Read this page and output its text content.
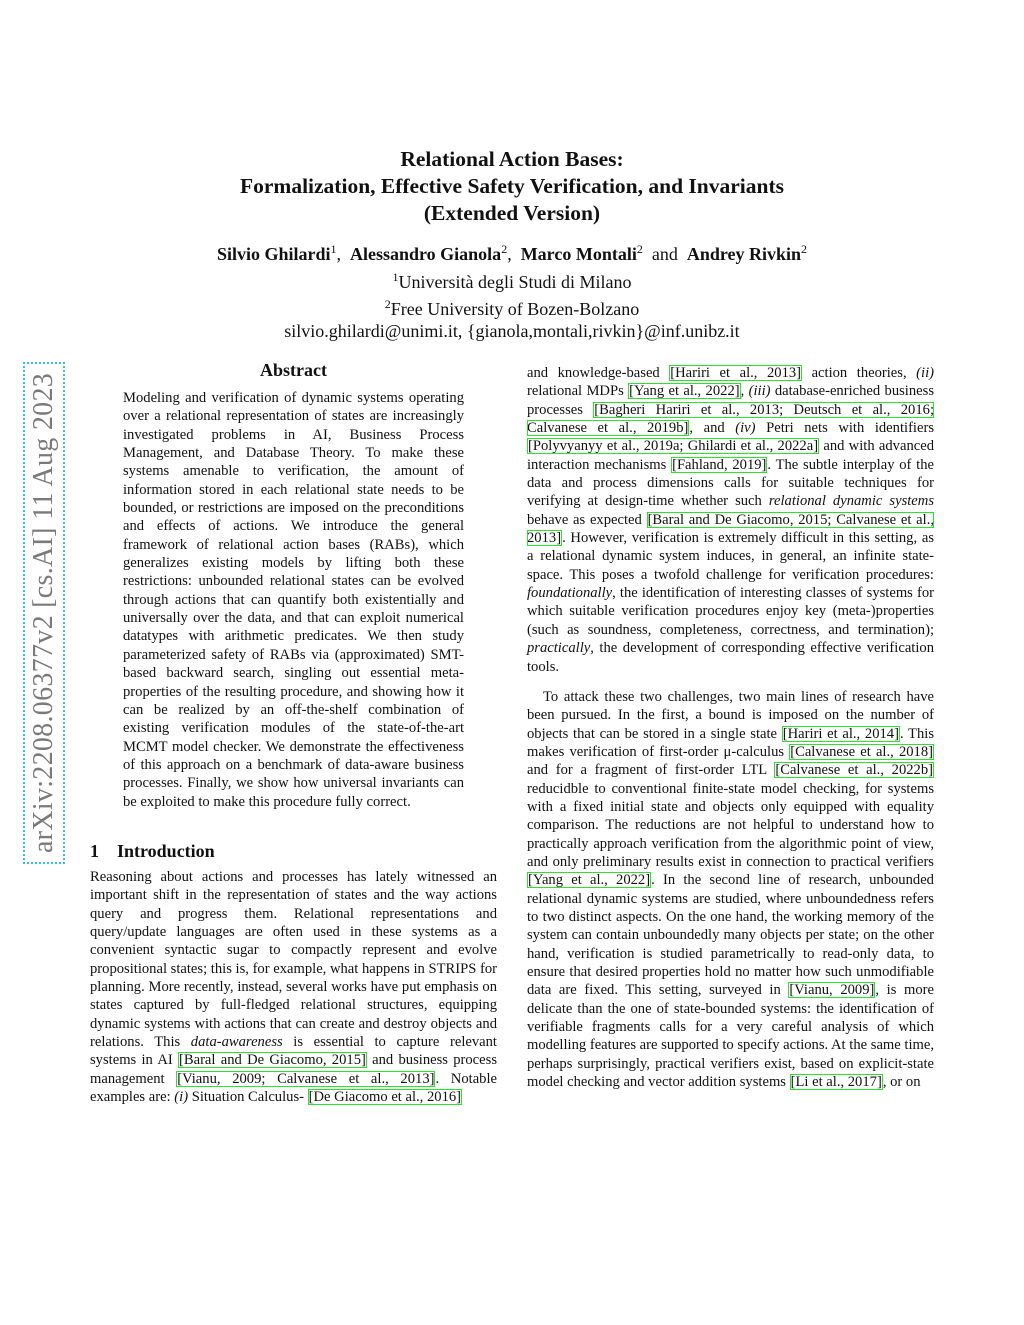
arXiv:2208.06377v2 [cs.AI] 11 Aug 2023
Relational Action Bases:
Formalization, Effective Safety Verification, and Invariants
(Extended Version)
Silvio Ghilardi$^1$,  Alessandro Gianola$^2$,  Marco Montali$^2$ and Andrey Rivkin$^2$
$^1$Università degli Studi di Milano
$^2$Free University of Bozen-Bolzano
silvio.ghilardi@unimi.it, {gianola,montali,rivkin}@inf.unibz.it
Abstract
Modeling and verification of dynamic systems operating over a relational representation of states are increasingly investigated problems in AI, Business Process Management, and Database Theory. To make these systems amenable to verification, the amount of information stored in each relational state needs to be bounded, or restrictions are imposed on the preconditions and effects of actions. We introduce the general framework of relational action bases (RABs), which generalizes existing models by lifting both these restrictions: unbounded relational states can be evolved through actions that can quantify both existentially and universally over the data, and that can exploit numerical datatypes with arithmetic predicates. We then study parameterized safety of RABs via (approximated) SMT-based backward search, singling out essential meta-properties of the resulting procedure, and showing how it can be realized by an off-the-shelf combination of existing verification modules of the state-of-the-art MCMT model checker. We demonstrate the effectiveness of this approach on a benchmark of data-aware business processes. Finally, we show how universal invariants can be exploited to make this procedure fully correct.
1 Introduction

Reasoning about actions and processes has lately witnessed an important shift in the representation of states and the way actions query and progress them. Relational representations and query/update languages are often used in these systems as a convenient syntactic sugar to compactly represent and evolve propositional states; this is, for example, what happens in STRIPS for planning. More recently, instead, several works have put emphasis on states captured by full-fledged relational structures, equipping dynamic systems with actions that can create and destroy objects and relations. This data-awareness is essential to capture relevant systems in AI [Baral and De Giacomo, 2015] and business process management [Vianu, 2009; Calvanese et al., 2013]. Notable examples are: (i) Situation Calculus- [De Giacomo et al., 2016]

and knowledge-based [Hariri et al., 2013] action theories, (ii) relational MDPs [Yang et al., 2022], (iii) database-enriched business processes [Bagheri Hariri et al., 2013; Deutsch et al., 2016; Calvanese et al., 2019b], and (iv) Petri nets with identifiers [Polyvyanyy et al., 2019a; Ghilardi et al., 2022a] and with advanced interaction mechanisms [Fahland, 2019]. The subtle interplay of the data and process dimensions calls for suitable techniques for verifying at design-time whether such relational dynamic systems behave as expected [Baral and De Giacomo, 2015; Calvanese et al., 2013]. However, verification is extremely difficult in this setting, as a relational dynamic system induces, in general, an infinite state-space. This poses a twofold challenge for verification procedures: foundationally, the identification of interesting classes of systems for which suitable verification procedures enjoy key (meta-)properties (such as soundness, completeness, correctness, and termination); practically, the development of corresponding effective verification tools.

To attack these two challenges, two main lines of research have been pursued. In the first, a bound is imposed on the number of objects that can be stored in a single state [Hariri et al., 2014]. This makes verification of first-order μ-calculus [Calvanese et al., 2018] and for a fragment of first-order LTL [Calvanese et al., 2022b] reducidble to conventional finite-state model checking, for systems with a fixed initial state and objects only equipped with equality comparison. The reductions are not helpful to understand how to practically approach verification from the algorithmic point of view, and only preliminary results exist in connection to practical verifiers [Yang et al., 2022]. In the second line of research, unbounded relational dynamic systems are studied, where unboundedness refers to two distinct aspects. On the one hand, the working memory of the system can contain unboundedly many objects per state; on the other hand, verification is studied parametrically to read-only data, to ensure that desired properties hold no matter how such unmodifiable data are fixed. This setting, surveyed in [Vianu, 2009], is more delicate than the one of state-bounded systems: the identification of verifiable fragments calls for a very careful analysis of which modelling features are supported to specify actions. At the same time, perhaps surprisingly, practical verifiers exist, based on explicit-state model checking and vector addition systems [Li et al., 2017], or on
